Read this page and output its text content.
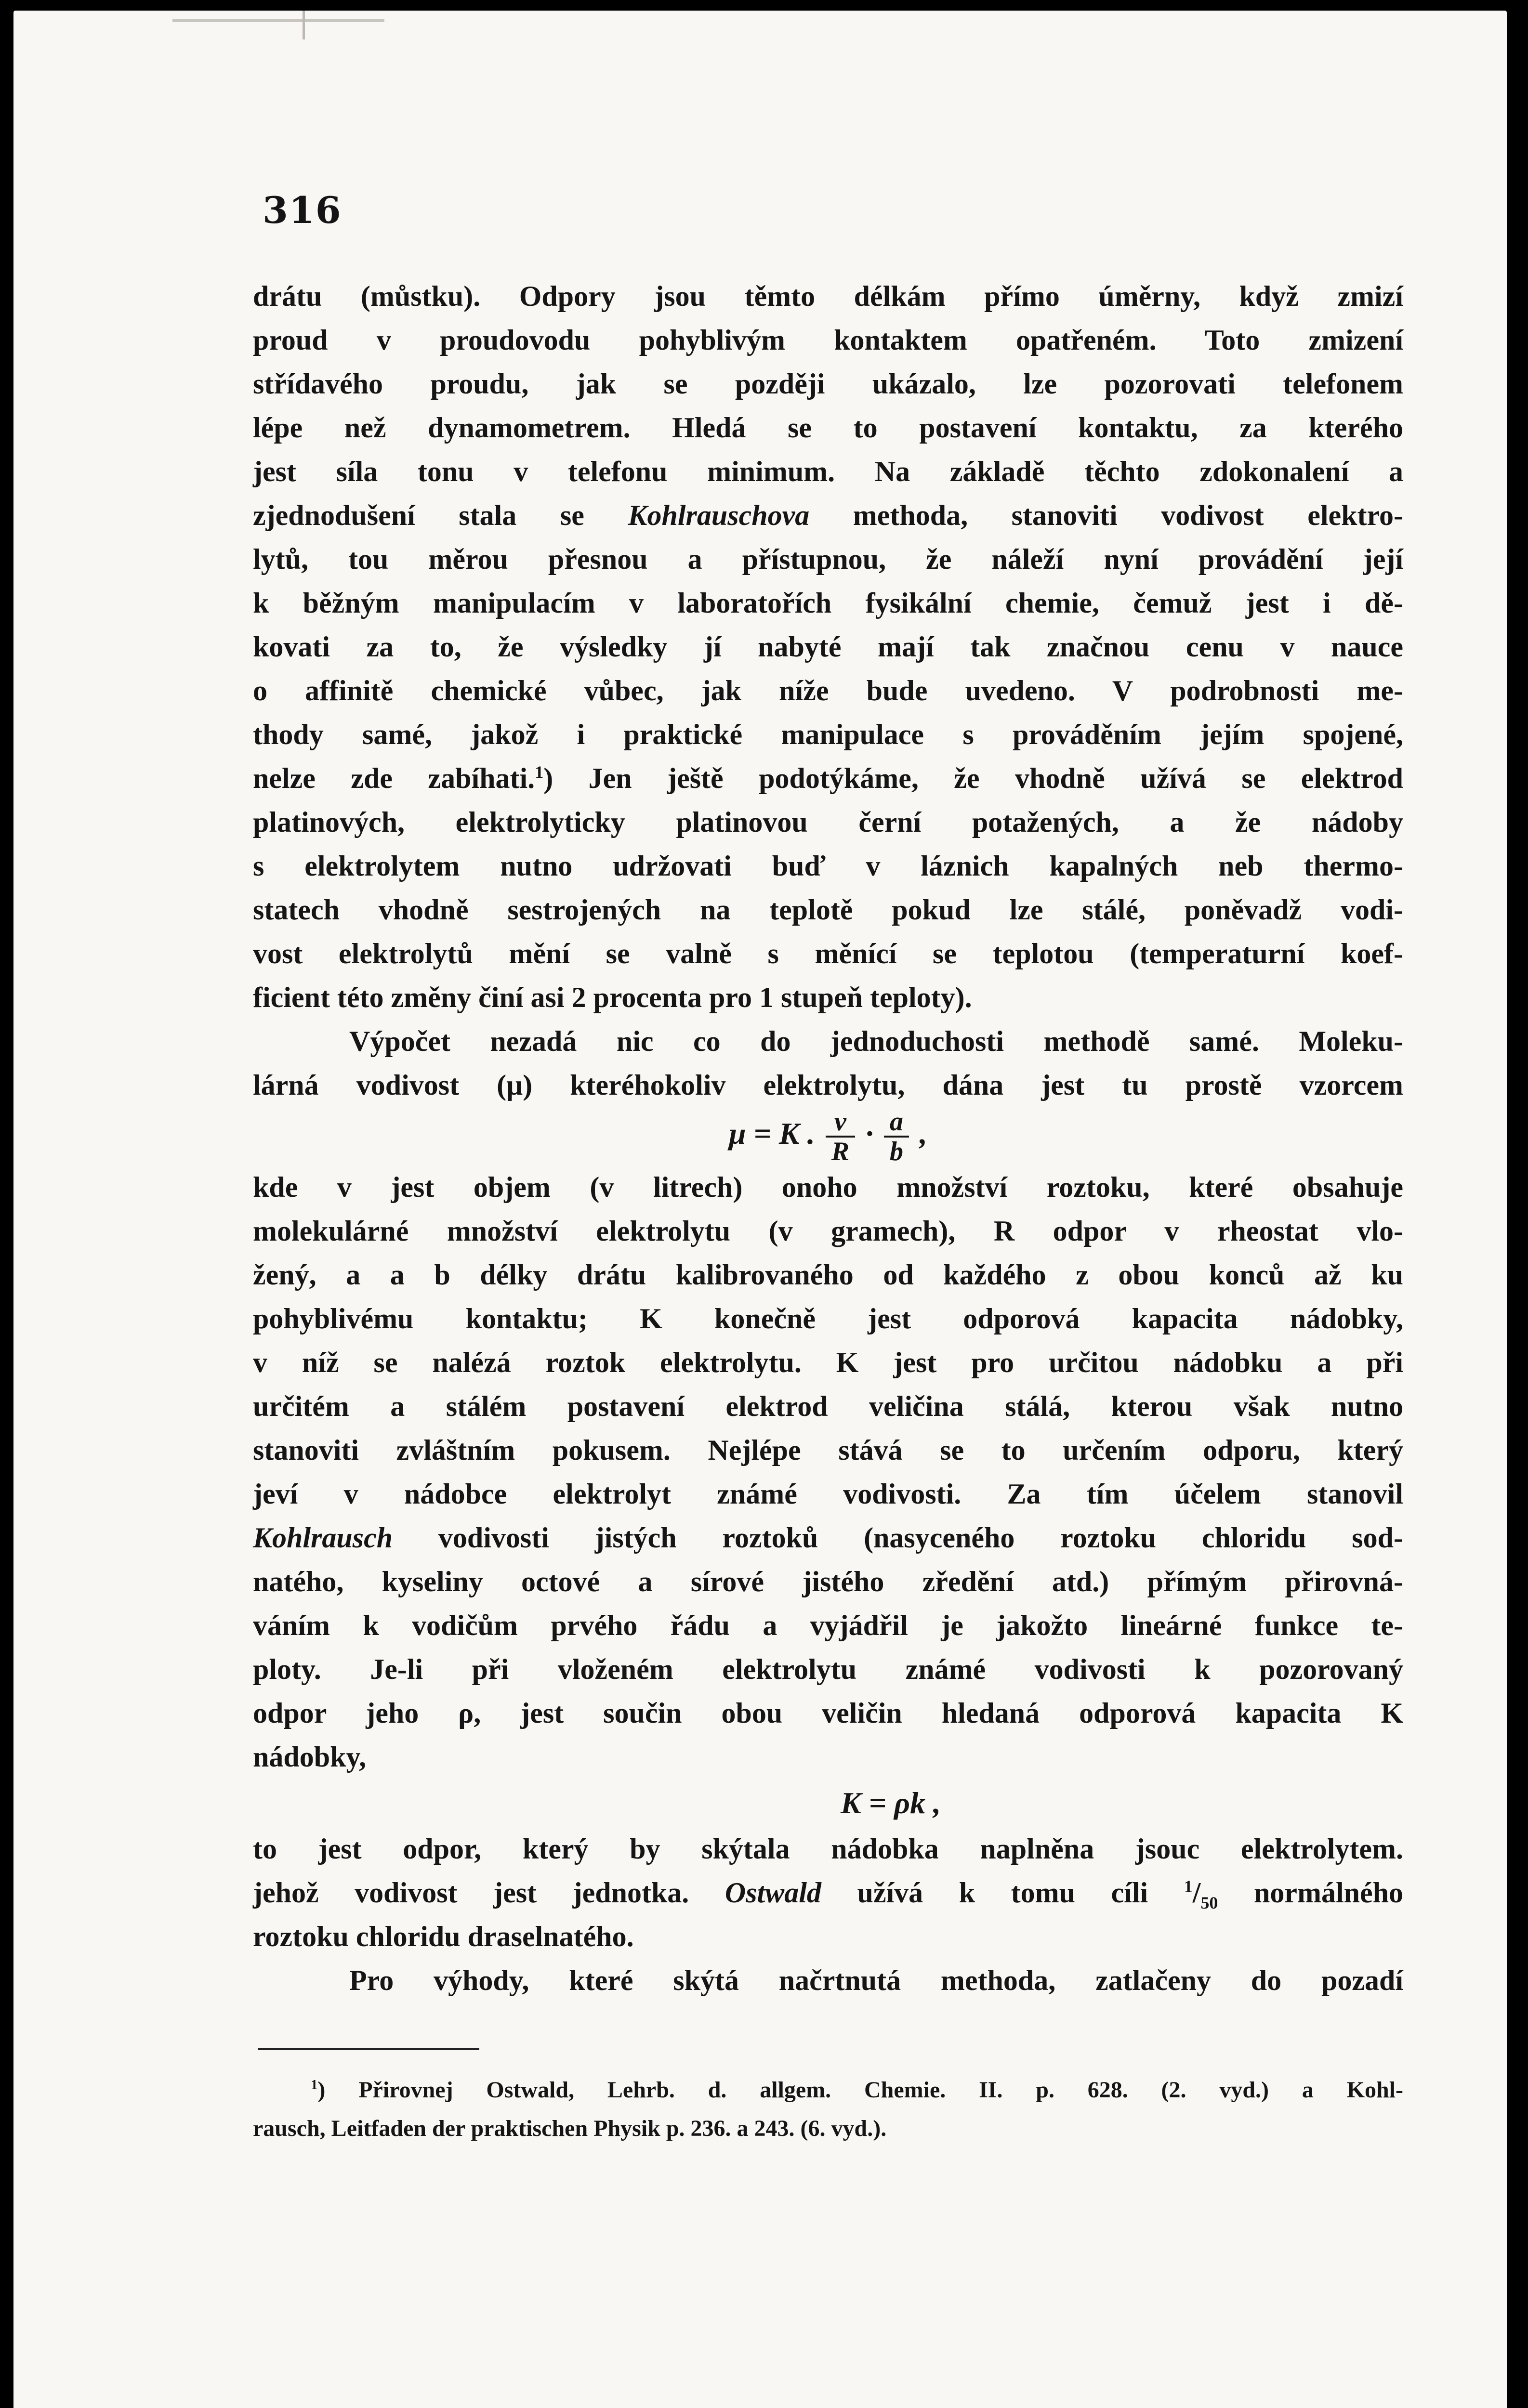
316
drátu (můstku). Odpory jsou těmto délkám přímo úměrny, když zmizí
proud v proudovodu pohyblivým kontaktem opatřeném. Toto zmizení
střídavého proudu, jak se později ukázalo, lze pozorovati telefonem
lépe než dynamometrem. Hledá se to postavení kontaktu, za kterého
jest síla tonu v telefonu minimum. Na základě těchto zdokonalení a
zjednodušení stala se Kohlrauschova methoda, stanoviti vodivost elektro-
lytů, tou měrou přesnou a přístupnou, že náleží nyní provádění její
k běžným manipulacím v laboratořích fysikální chemie, čemuž jest i dě-
kovati za to, že výsledky jí nabyté mají tak značnou cenu v nauce
o affinitě chemické vůbec, jak níže bude uvedeno. V podrobnosti me-
thody samé, jakož i praktické manipulace s prováděním jejím spojené,
nelze zde zabíhati.$^1$) Jen ještě podotýkáme, že vhodně užívá se elektrod
platinových, elektrolyticky platinovou černí potažených, a že nádoby
s elektrolytem nutno udržovati buď v láznich kapalných neb thermo-
statech vhodně sestrojených na teplotě pokud lze stálé, poněvadž vodi-
vost elektrolytů mění se valně s měnící se teplotou (temperaturní koef-
ficient této změny činí asi 2 procenta pro 1 stupeň teploty).
Výpočet nezadá nic co do jednoduchosti methodě samé. Moleku-
lárná vodivost (μ) kteréhokoliv elektrolytu, dána jest tu prostě vzorcem
μ = K . $\frac{v}{R} \cdot \frac{a}{b}$ ,
kde v jest objem (v litrech) onoho množství roztoku, které obsahuje
molekulárné množství elektrolytu (v gramech), R odpor v rheostat vlo-
žený, a a b délky drátu kalibrovaného od každého z obou konců až ku
pohyblivému kontaktu; K konečně jest odporová kapacita nádobky,
v níž se nalézá roztok elektrolytu. K jest pro určitou nádobku a při
určitém a stálém postavení elektrod veličina stálá, kterou však nutno
stanoviti zvláštním pokusem. Nejlépe stává se to určením odporu, který
jeví v nádobce elektrolyt známé vodivosti. Za tím účelem stanovil
Kohlrausch vodivosti jistých roztoků (nasyceného roztoku chloridu sod-
natého, kyseliny octové a sírové jistého zředění atd.) přímým přirovná-
váním k vodičům prvého řádu a vyjádřil je jakožto lineárné funkce te-
ploty. Je-li při vloženém elektrolytu známé vodivosti k pozorovaný
odpor jeho ρ, jest součin obou veličin hledaná odporová kapacita K
nádobky,
K = ρk ,
to jest odpor, který by skýtala nádobka naplněna jsouc elektrolytem.
jehož vodivost jest jednotka. Ostwald užívá k tomu cíli $^1/_{50}$ normálného
roztoku chloridu draselnatého.
Pro výhody, které skýtá načrtnutá methoda, zatlačeny do pozadí
$^1$) Přirovnej Ostwald, Lehrb. d. allgem. Chemie. II. p. 628. (2. vyd.) a Kohl-
rausch, Leitfaden der praktischen Physik p. 236. a 243. (6. vyd.).
